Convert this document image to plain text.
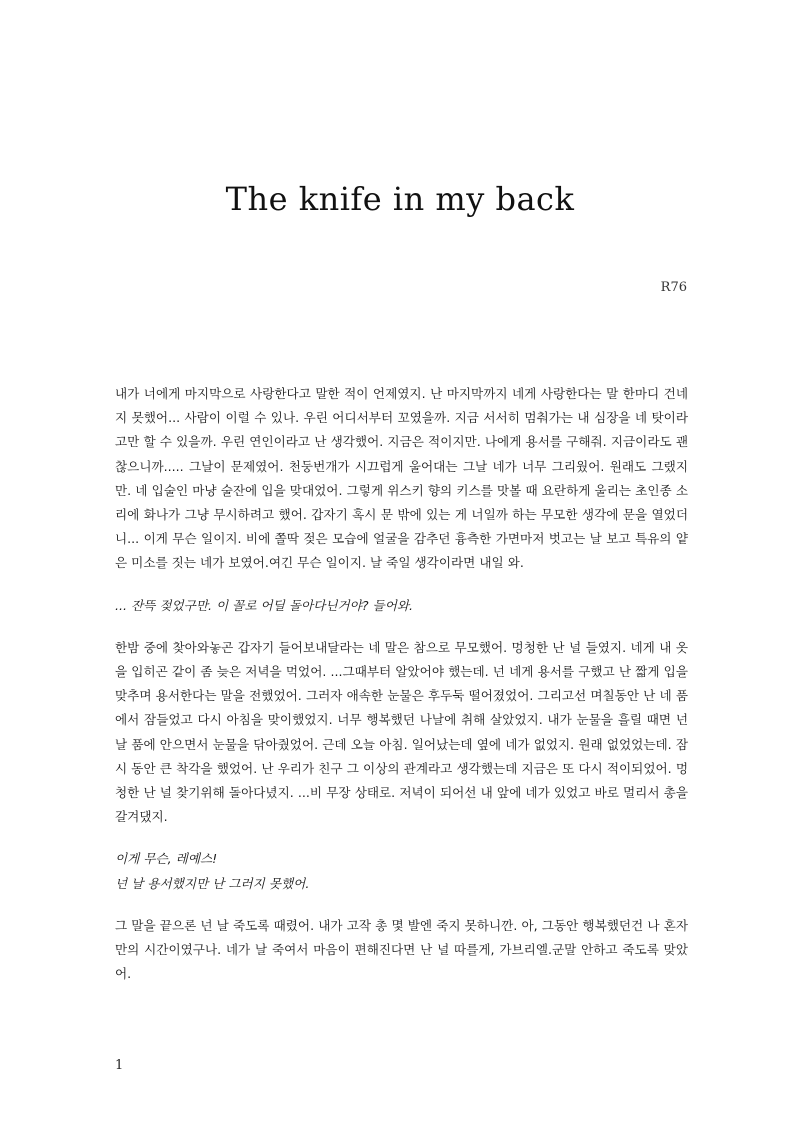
The knife in my back
R76

내가 너에게 마지막으로 사랑한다고 말한 적이 언제였지. 난 마지막까지 네게 사랑한다는 말 한마디 건네지 못했어... 사람이 이럴 수 있나. 우린 어디서부터 꼬였을까. 지금 서서히 멈춰가는 내 심장을 네 탓이라고만 할 수 있을까. 우린 연인이라고 난 생각했어. 지금은 적이지만. 나에게 용서를 구해줘. 지금이라도 괜찮으니까..... 그날이 문제였어. 천둥번개가 시끄럽게 울어대는 그날 네가 너무 그리웠어. 원래도 그랬지만. 네 입술인 마냥 술잔에 입을 맞대었어. 그렇게 위스키 향의 키스를 맛볼 때 요란하게 울리는 초인종 소리에 화나가 그냥 무시하려고 했어. 갑자기 혹시 문 밖에 있는 게 너일까 하는 무모한 생각에 문을 열었더니... 이게 무슨 일이지. 비에 쫄딱 젖은 모습에 얼굴을 감추던 흉측한 가면마저 벗고는 날 보고 특유의 얕은 미소를 짓는 네가 보였어.여긴 무슨 일이지. 날 죽일 생각이라면 내일 와.

... 잔뜩 젖었구만. 이 꼴로 어딜 돌아다닌거야? 들어와.

한밤 중에 찾아와놓곤 갑자기 들어보내달라는 네 말은 참으로 무모했어. 멍청한 난 널 들였지. 네게 내 옷을 입히곤 같이 좀 늦은 저녁을 먹었어. ...그때부터 알았어야 했는데. 넌 네게 용서를 구했고 난 짧게 입을 맞추며 용서한다는 말을 전했었어. 그러자 애속한 눈물은 후두둑 떨어졌었어. 그리고선 며칠동안 난 네 품에서 잠들었고 다시 아침을 맞이했었지. 너무 행복했던 나날에 취해 살았었지. 내가 눈물을 흘릴 때면 넌 날 품에 안으면서 눈물을 닦아줬었어. 근데 오늘 아침. 일어났는데 옆에 네가 없었지. 원래 없었었는데. 잠시 동안 큰 착각을 했었어. 난 우리가 친구 그 이상의 관계라고 생각했는데 지금은 또 다시 적이되었어. 멍청한 난 널 찾기위해 돌아다녔지. ...비 무장 상태로. 저녁이 되어선 내 앞에 네가 있었고 바로 멀리서 총을 갈겨댔지.

이게 무슨, 레예스!
넌 날 용서했지만 난 그러지 못했어.

그 말을 끝으론 넌 날 죽도록 때렸어. 내가 고작 총 몇 발엔 죽지 못하니깐. 아, 그동안 행복했던건 나 혼자만의 시간이였구나. 네가 날 죽여서 마음이 편해진다면 난 널 따를게, 가브리엘.군말 안하고 죽도록 맞았어.

1
